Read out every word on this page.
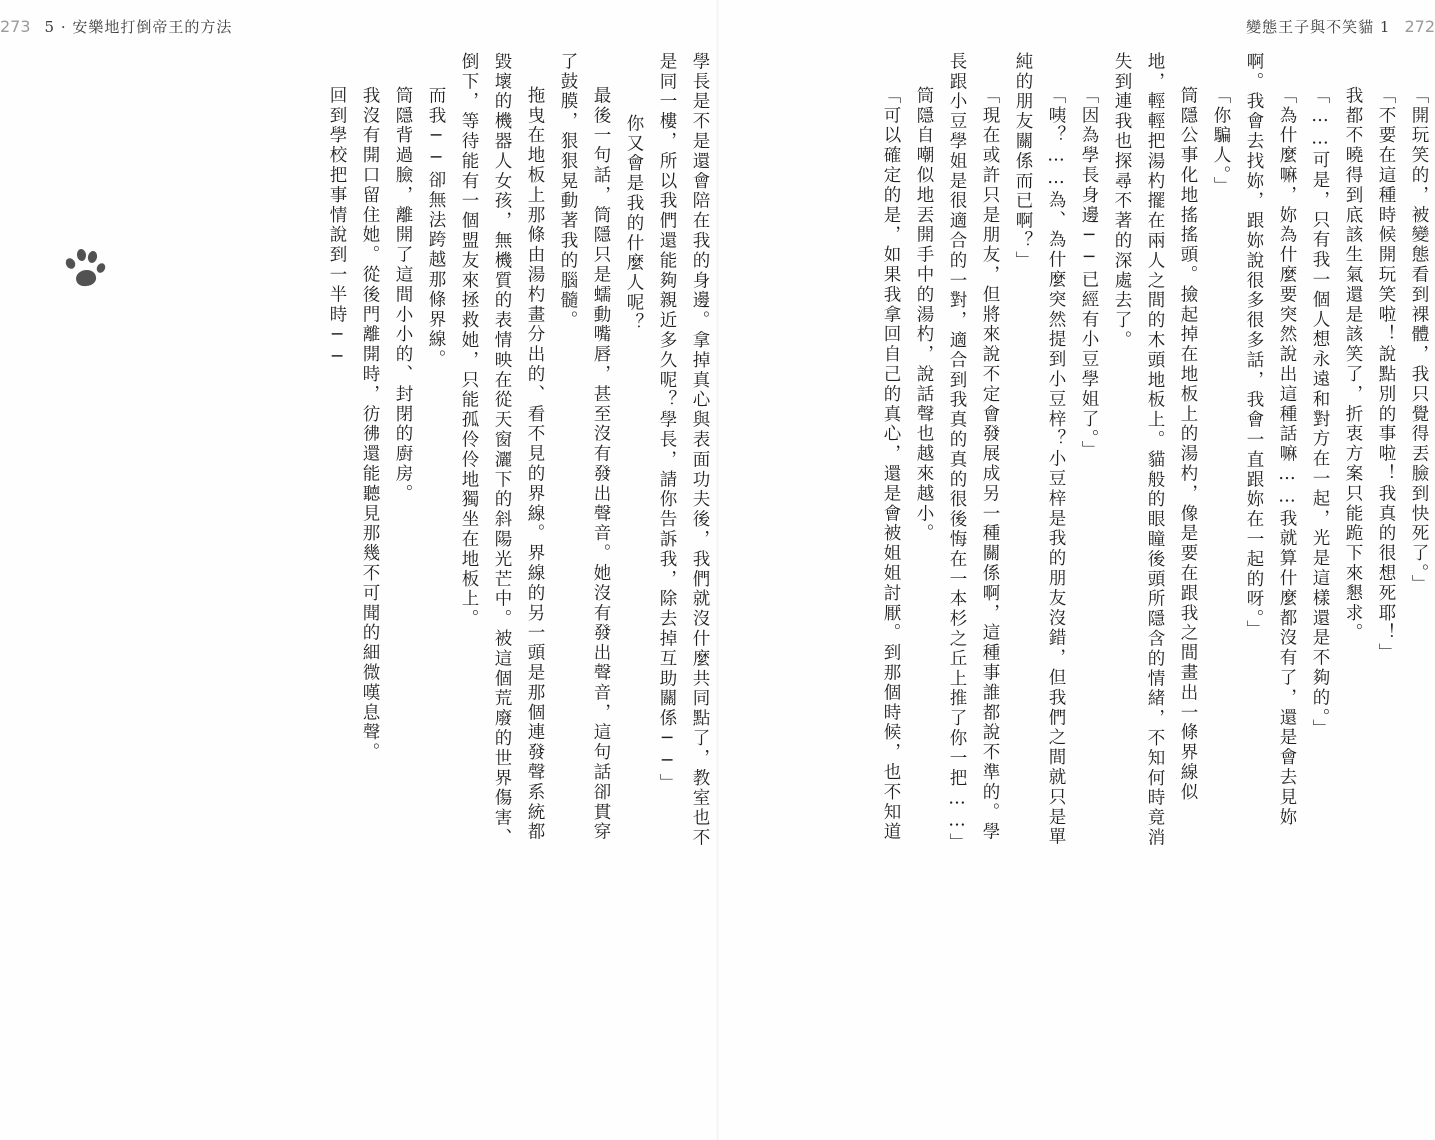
273 5 · 安樂地打倒帝王的方法	變態王子與不笑貓 1 272
「開玩笑的，被變態看到裸體，我只覺得丟臉到快死了。」
「不要在這種時候開玩笑啦！說點別的事啦！我真的很想死耶！」
我都不曉得到底該生氣還是該笑了，折衷方案只能跪下來懇求。
「……可是，只有我一個人想永遠和對方在一起，光是這樣還是不夠的。」
「為什麼嘛，妳為什麼要突然說出這種話嘛……我就算什麼都沒有了，還是會去見妳
啊。我會去找妳，跟妳說很多很多話，我會一直跟妳在一起的呀。」
「你騙人。」
筒隱公事化地搖搖頭。撿起掉在地板上的湯杓，像是要在跟我之間畫出一條界線似
地，輕輕把湯杓擺在兩人之間的木頭地板上。貓般的眼瞳後頭所隱含的情緒，不知何時竟消
失到連我也探尋不著的深處去了。
「因為學長身邊──已經有小豆學姐了。」
「咦？……為、為什麼突然提到小豆梓？小豆梓是我的朋友沒錯，但我們之間就只是單
純的朋友關係而已啊？」
「現在或許只是朋友，但將來說不定會發展成另一種關係啊，這種事誰都說不準的。學
長跟小豆學姐是很適合的一對，適合到我真的真的很後悔在一本杉之丘上推了你一把……」
筒隱自嘲似地丟開手中的湯杓，說話聲也越來越小。
「可以確定的是，如果我拿回自己的真心，還是會被姐姐討厭。到那個時候，也不知道
學長是不是還會陪在我的身邊。拿掉真心與表面功夫後，我們就沒什麼共同點了，教室也不
是同一樓，所以我們還能夠親近多久呢？學長，請你告訴我，除去掉互助關係──」
你又會是我的什麼人呢？
最後一句話，筒隱只是蠕動嘴唇，甚至沒有發出聲音。她沒有發出聲音，這句話卻貫穿
了鼓膜，狠狠晃動著我的腦髓。
拖曳在地板上那條由湯杓畫分出的、看不見的界線。界線的另一頭是那個連發聲系統都
毀壞的機器人女孩，無機質的表情映在從天窗灑下的斜陽光芒中。被這個荒廢的世界傷害、
倒下，等待能有一個盟友來拯救她，只能孤伶伶地獨坐在地板上。
而我──卻無法跨越那條界線。
筒隱背過臉，離開了這間小小的、封閉的廚房。
我沒有開口留住她。從後門離開時，彷彿還能聽見那幾不可聞的細微嘆息聲。
回到學校把事情說到一半時──
